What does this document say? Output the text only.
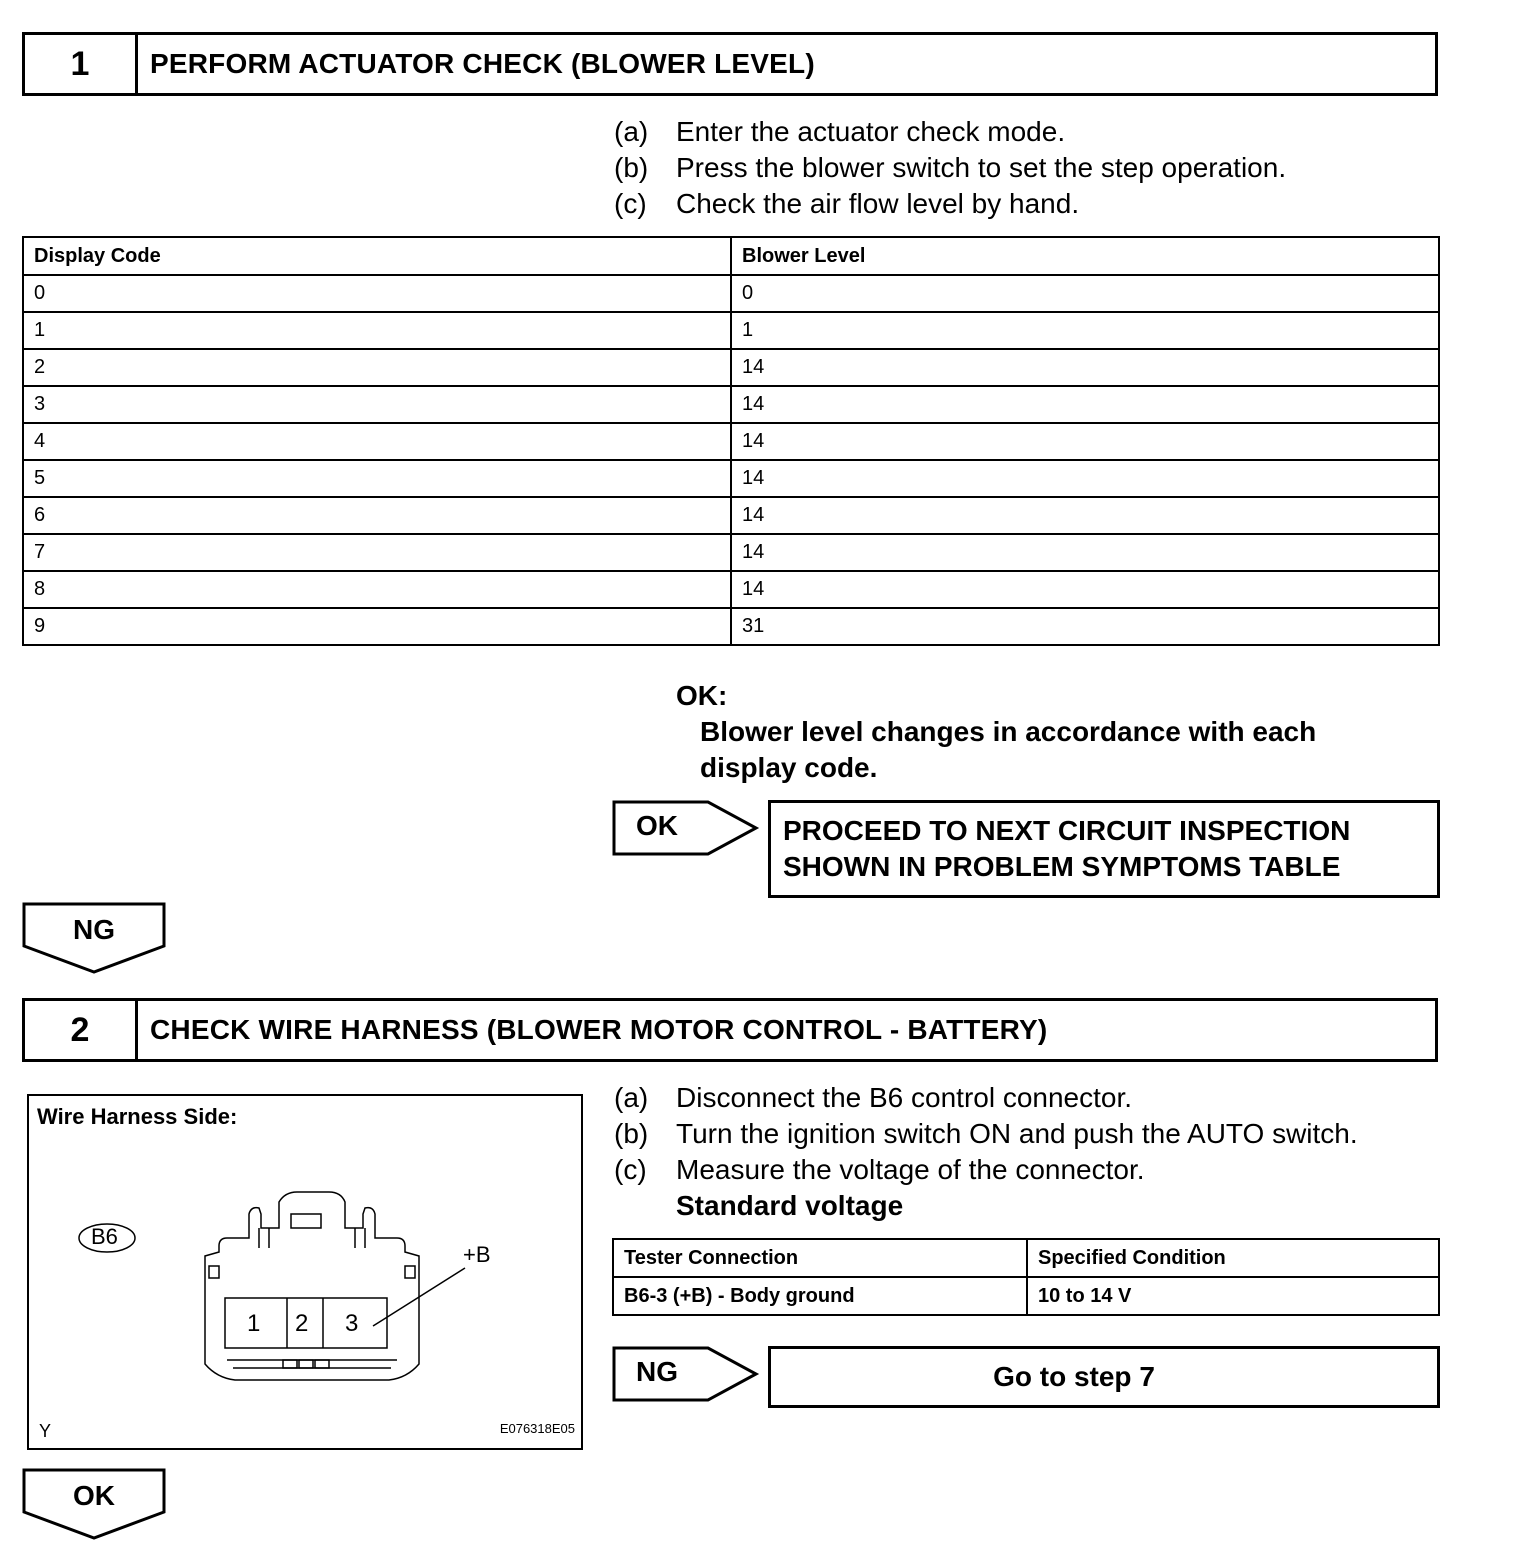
1	PERFORM ACTUATOR CHECK (BLOWER LEVEL)
(a) Enter the actuator check mode.
(b) Press the blower switch to set the step operation.
(c)	Check the air flow level by hand.
Display Code	Blower Level
0	0
1	1
2	14
3	14
4	14
5	14
6	14
7	14
8	14
9	31
OK:
Blower level changes in accordance with each
display code.
OK	PROCEED TO NEXT CIRCUIT INSPECTION
SHOWN IN PROBLEM SYMPTOMS TABLE
NG
2	CHECK WIRE HARNESS (BLOWER MOTOR CONTROL - BATTERY)
Wire Harness Side:
B6
+B
1 2 3
Y	E076318E05
(a) Disconnect the B6 control connector.
(b) Turn the ignition switch ON and push the AUTO switch.
(c)	Measure the voltage of the connector.
Standard voltage
Tester Connection	Specified Condition
B6-3 (+B) - Body ground	10 to 14 V
NG	Go to step 7
OK
